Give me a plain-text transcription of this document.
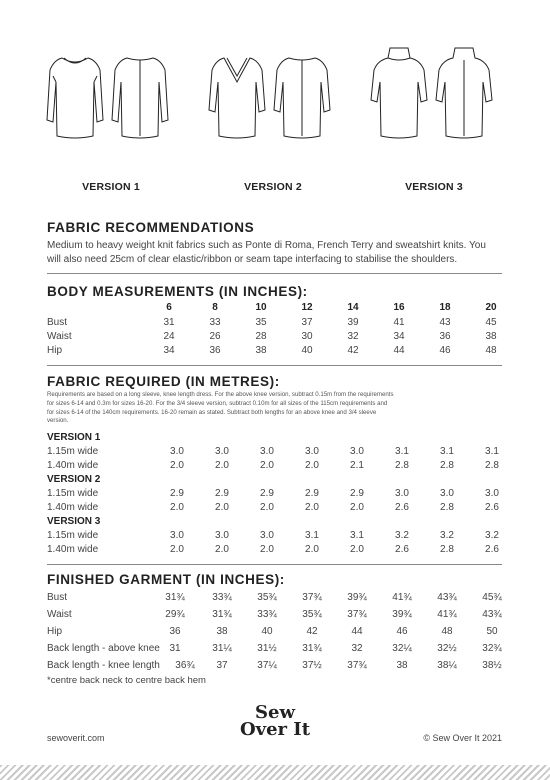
VERSION 1	VERSION 2	VERSION 3
FABRIC RECOMMENDATIONS
Medium to heavy weight knit fabrics such as Ponte di Roma, French Terry and sweatshirt knits. You
will also need 25cm of clear elastic/ribbon or seam tape interfacing to stabilise the shoulders.
BODY MEASUREMENTS (IN INCHES):
6	8	10	12	14	16	18	20
Bust	31	33	35	37	39	41	43	45
Waist	24	26	28	30	32	34	36	38
Hip	34	36	38	40	42	44	46	48
FABRIC REQUIRED (IN METRES):
Requirements are based on a long sleeve, knee length dress. For the above knee version, subtract 0.15m from the requirements
for sizes 6-14 and 0.3m for sizes 16-20. For the 3/4 sleeve version, subtract 0.10m for all sizes of the 115cm requirements and
for sizes 6-14 of the 140cm requirements. 16-20 remain as stated. Subtract both lengths for an above knee and 3/4 sleeve
version.
VERSION 1
1.15m wide	3.0	3.0	3.0	3.0	3.0	3.1	3.1	3.1
1.40m wide	2.0	2.0	2.0	2.0	2.1	2.8	2.8	2.8
VERSION 2
1.15m wide	2.9	2.9	2.9	2.9	2.9	3.0	3.0	3.0
1.40m wide	2.0	2.0	2.0	2.0	2.0	2.6	2.8	2.6
VERSION 3
1.15m wide	3.0	3.0	3.0	3.1	3.1	3.2	3.2	3.2
1.40m wide	2.0	2.0	2.0	2.0	2.0	2.6	2.8	2.6
FINISHED GARMENT (IN INCHES):
Bust	31¾	33¾	35¾	37¾	39¾	41¾	43¾	45¾
Waist	29¾	31¾	33¾	35¾	37¾	39¾	41¾	43¾
Hip	36	38	40	42	44	46	48	50
Back length - above knee 31	31¼	31½	31¾	32	32¼	32½	32¾
Back length - knee length	36¾	37	37¼	37½	37¾	38	38¼	38½
*centre back neck to centre back hem
sewoverit.com
Sew
Over It	© Sew Over It 2021
